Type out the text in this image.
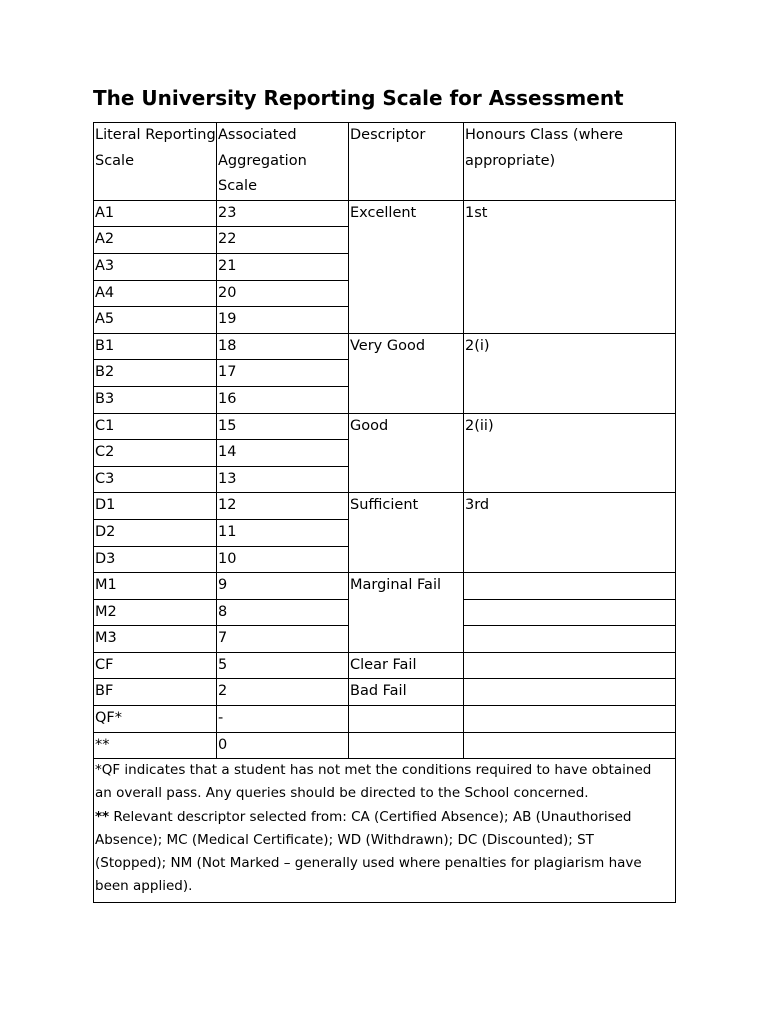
The University Reporting Scale for Assessment
Literal Reporting Scale	Associated Aggregation Scale	Descriptor	Honours Class (where appropriate)
A1	23	Excellent	1st
A2	22		
A3	21		
A4	20		
A5	19		
B1	18	Very Good	2(i)
B2	17		
B3	16		
C1	15	Good	2(ii)
C2	14		
C3	13		
D1	12	Sufficient	3rd
D2	11		
D3	10		
M1	9	Marginal Fail	
M2	8		
M3	7		
CF	5	Clear Fail	
BF	2	Bad Fail	
QF*	-		
**	0		

*QF indicates that a student has not met the conditions required to have obtained an overall pass. Any queries should be directed to the School concerned.
** Relevant descriptor selected from: CA (Certified Absence); AB (Unauthorised Absence); MC (Medical Certificate); WD (Withdrawn); DC (Discounted); ST (Stopped); NM (Not Marked – generally used where penalties for plagiarism have been applied).			
